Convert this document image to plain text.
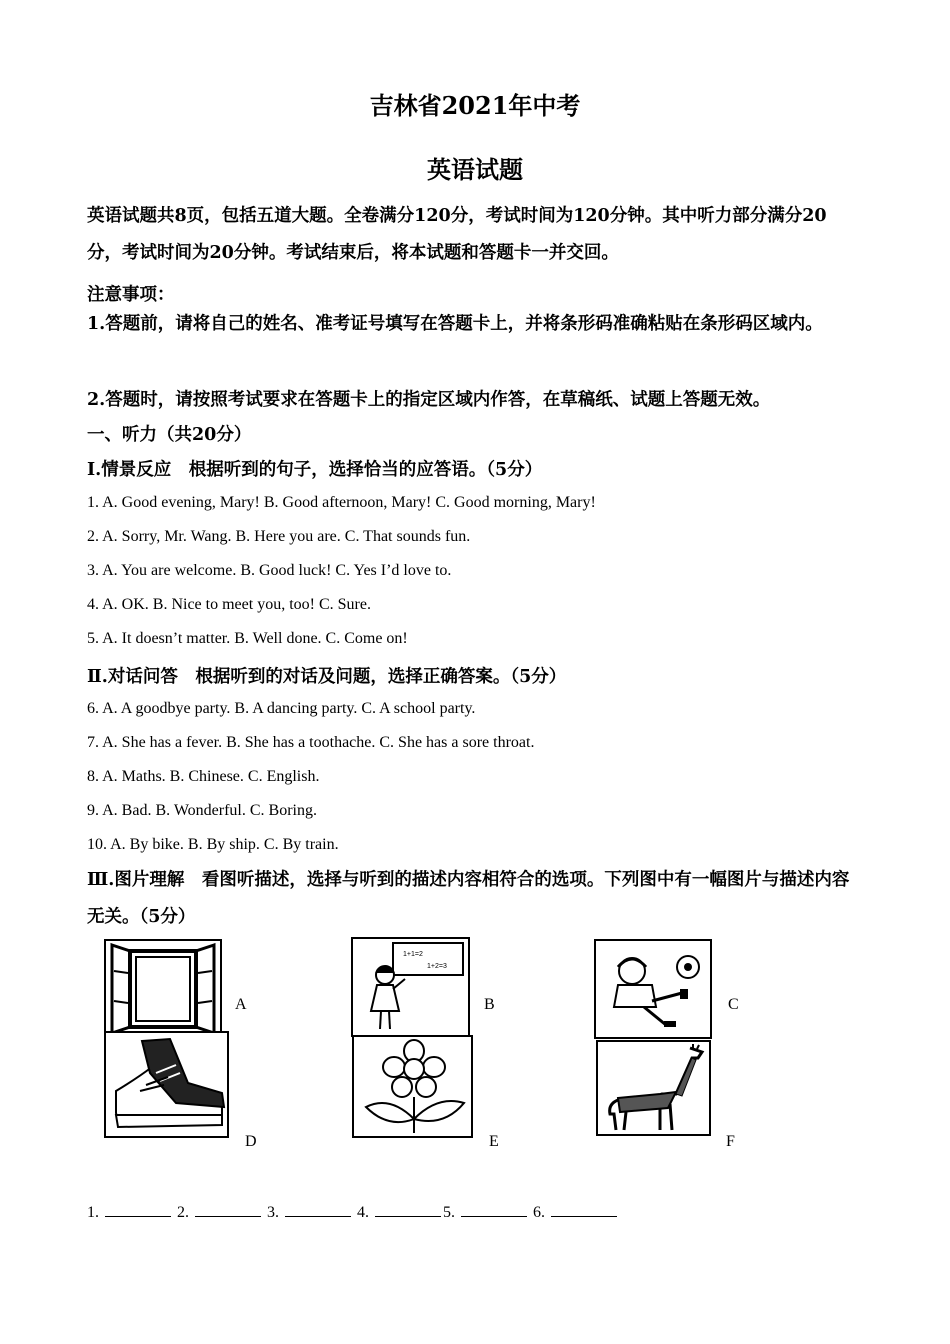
吉林省2021年中考
英语试题
英语试题共8页，包括五道大题。全卷满分120分，考试时间为120分钟。其中听力部分满分20分，考试时间为20分钟。考试结束后，将本试题和答题卡一并交回。
注意事项：
1.答题前，请将自己的姓名、准考证号填写在答题卡上，并将条形码准确粘贴在条形码区域内。
2.答题时，请按照考试要求在答题卡上的指定区域内作答，在草稿纸、试题上答题无效。
一、听力（共20分）
Ⅰ.情景反应　根据听到的句子，选择恰当的应答语。（5分）
1. A. Good evening, Mary! B. Good afternoon, Mary! C. Good morning, Mary!
2. A. Sorry, Mr. Wang. B. Here you are. C. That sounds fun.
3. A. You are welcome. B. Good luck! C. Yes I’d love to.
4. A. OK. B. Nice to meet you, too! C. Sure.
5. A. It doesn’t matter. B. Well done. C. Come on!
Ⅱ.对话问答　根据听到的对话及问题，选择正确答案。（5分）
6. A. A goodbye party. B. A dancing party. C. A school party.
7. A. She has a fever. B. She has a toothache. C. She has a sore throat.
8. A. Maths. B. Chinese. C. English.
9. A. Bad. B. Wonderful. C. Boring.
10. A. By bike. B. By ship. C. By train.
Ⅲ.图片理解　看图听描述，选择与听到的描述内容相符合的选项。下列图中有一幅图片与描述内容无关。（5分）
A
1+1=2
1+2=3
B	C
D	E	F
1.	2.	3.	4.	5.	6.
